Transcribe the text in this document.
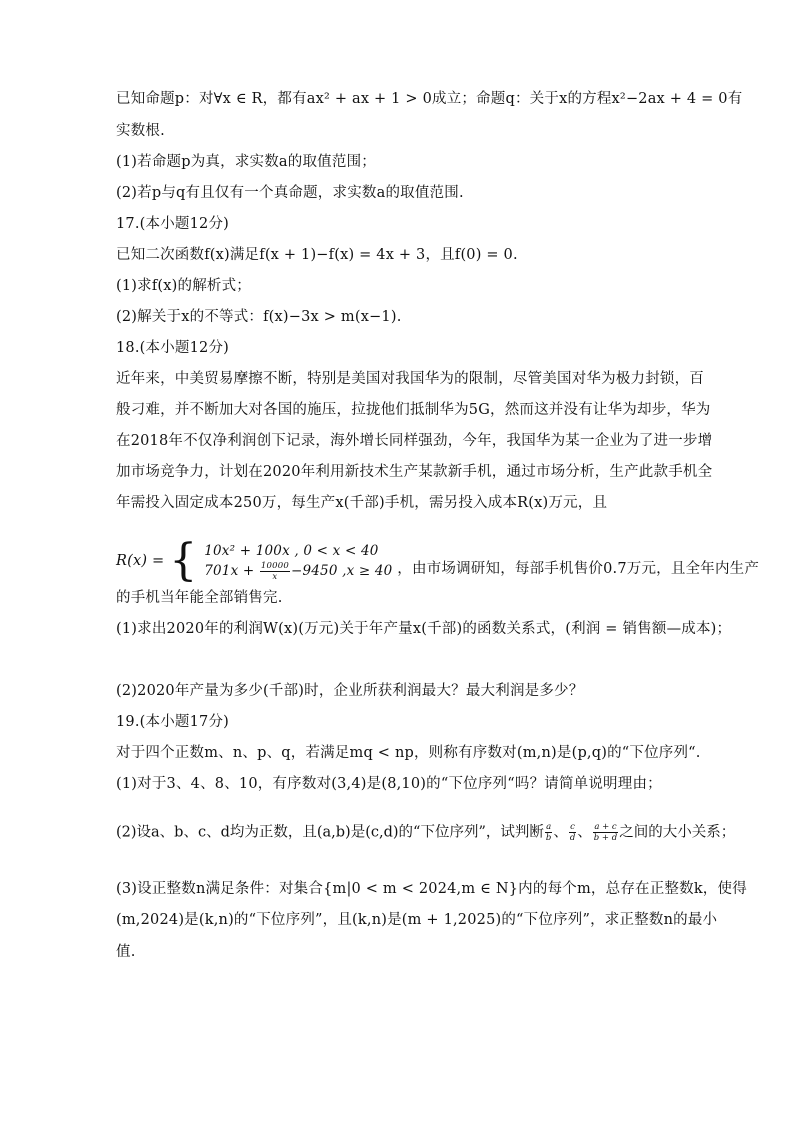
已知命题p：对∀x ∈ R，都有ax² + ax + 1 > 0成立；命题q：关于x的方程x²−2ax + 4 = 0有
实数根.
(1)若命题p为真，求实数a的取值范围；
(2)若p与q有且仅有一个真命题，求实数a的取值范围.
17.(本小题12分)
已知二次函数f(x)满足f(x + 1)−f(x) = 4x + 3，且f(0) = 0.
(1)求f(x)的解析式；
(2)解关于x的不等式：f(x)−3x > m(x−1).
18.(本小题12分)
近年来，中美贸易摩擦不断，特别是美国对我国华为的限制，尽管美国对华为极力封锁，百
般刁难，并不断加大对各国的施压，拉拢他们抵制华为5G，然而这并没有让华为却步，华为
在2018年不仅净利润创下记录，海外增长同样强劲，今年，我国华为某一企业为了进一步增
加市场竞争力，计划在2020年利用新技术生产某款新手机，通过市场分析，生产此款手机全
年需投入固定成本250万，每生产x(千部)手机，需另投入成本R(x)万元，且
的手机当年能全部销售完.
(1)求出2020年的利润W(x)(万元)关于年产量x(千部)的函数关系式，(利润 = 销售额—成本)；
(2)2020年产量为多少(千部)时，企业所获利润最大？最大利润是多少？
19.(本小题17分)
对于四个正数m、n、p、q，若满足mq < np，则称有序数对(m,n)是(p,q)的“下位序列“.
(1)对于3、4、8、10，有序数对(3,4)是(8,10)的“下位序列“吗？请简单说明理由；
(3)设正整数n满足条件：对集合{m|0 < m < 2024,m ∈ N}内的每个m，总存在正整数k，使得
(m,2024)是(k,n)的“下位序列”，且(k,n)是(m + 1,2025)的“下位序列”，求正整数n的最小
值.
R(x) = { 10x² + 100x , 0 < x < 40
$701x + \frac{10000}{x} -9450$ ,x ≥ 40 ，由市场调研知，每部手机售价0.7万元，且全年内生产
(2)设a、b、c、d均为正数，且(a,b)是(c,d)的“下位序列”，试判断 $\frac{a}{b}$ 、 $\frac{c}{d}$ 、 $\frac{a + c}{b + d}$ 之间的大小关系；
